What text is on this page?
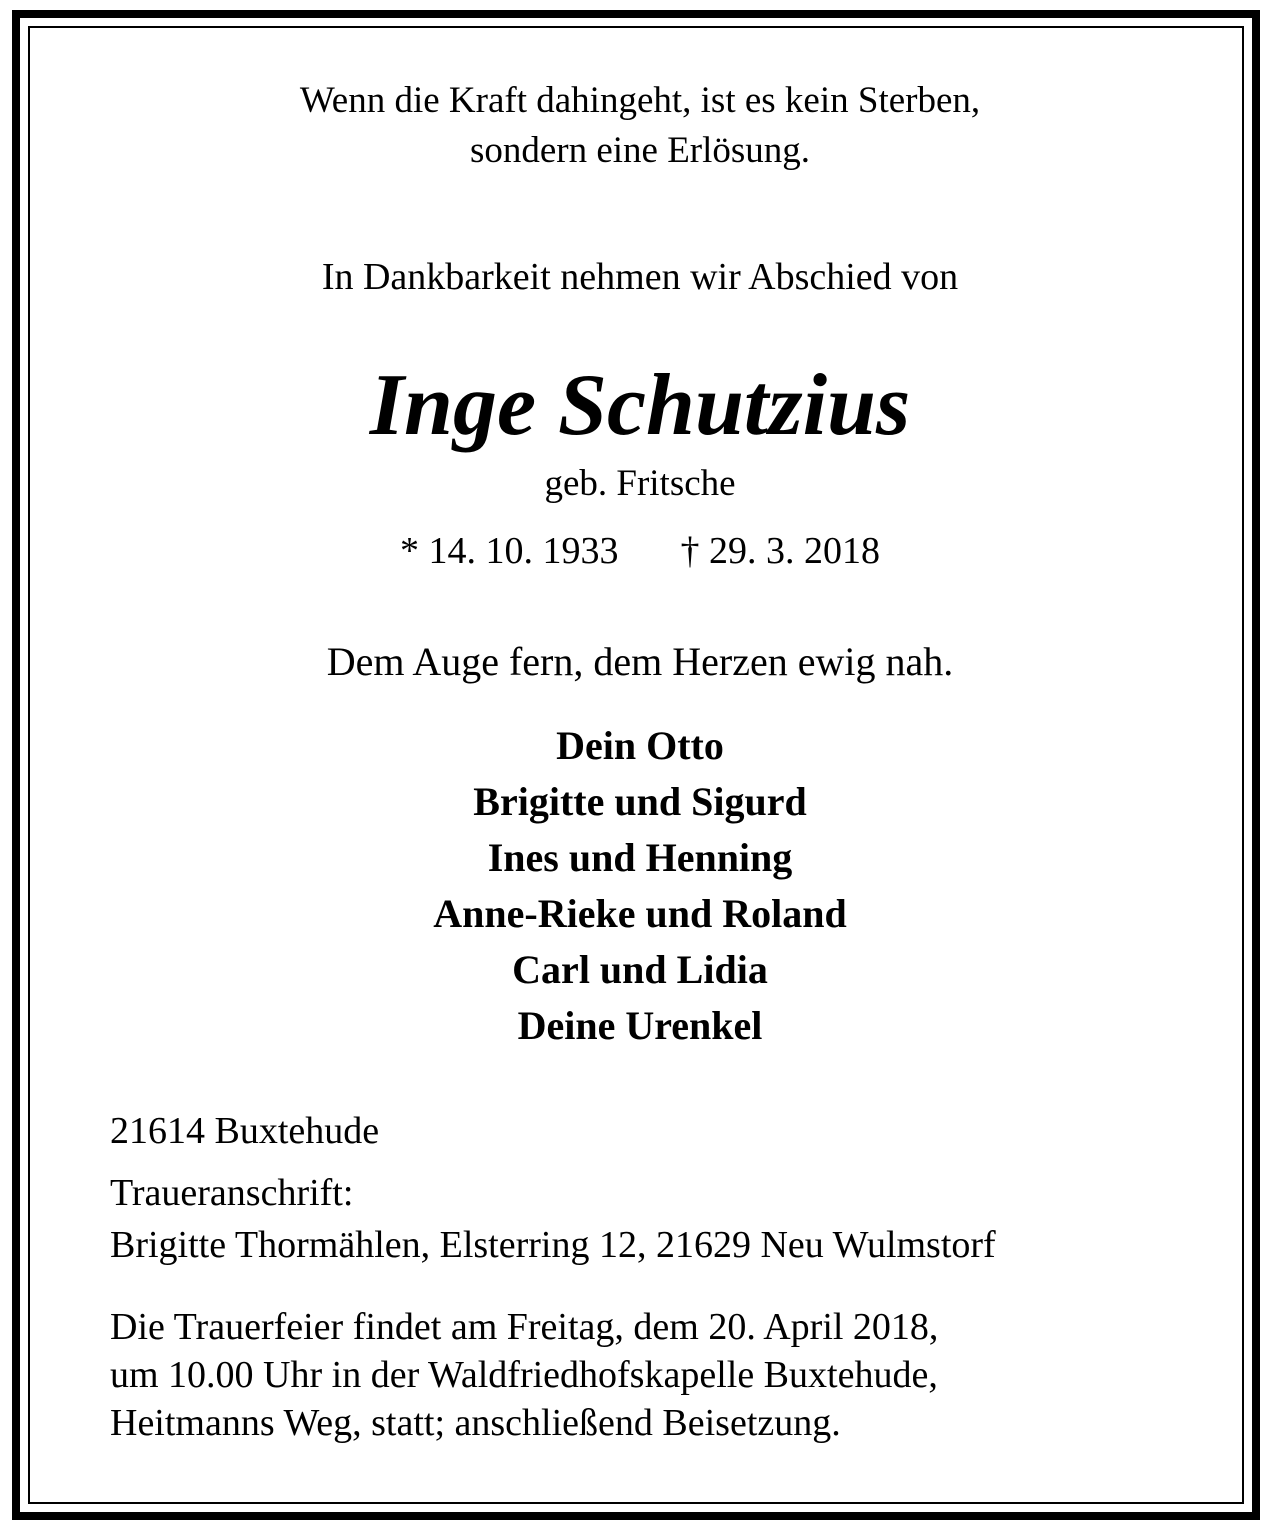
Wenn die Kraft dahingeht, ist es kein Sterben,

sondern eine Erlösung.

In Dankbarkeit nehmen wir Abschied von

Inge Schutzius

geb. Fritsche

* 14. 10. 1933 † 29. 3. 2018

Dem Auge fern, dem Herzen ewig nah.

Dein Otto

Brigitte und Sigurd

Ines und Henning

Anne-Rieke und Roland

Carl und Lidia

Deine Urenkel

21614 Buxtehude

Traueranschrift:

Brigitte Thormählen, Elsterring 12, 21629 Neu Wulmstorf

Die Trauerfeier findet am Freitag, dem 20. April 2018,

um 10.00 Uhr in der Waldfriedhofskapelle Buxtehude,

Heitmanns Weg, statt; anschließend Beisetzung.
